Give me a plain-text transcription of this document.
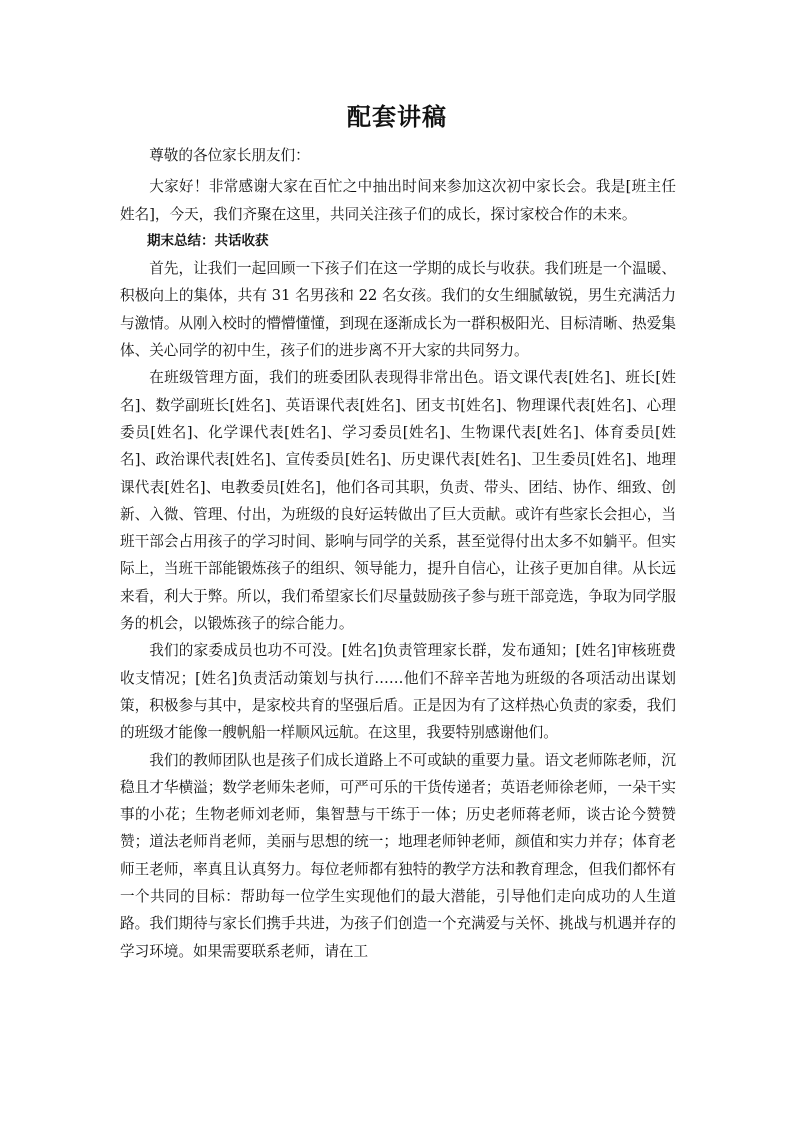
配套讲稿

尊敬的各位家长朋友们：

大家好！非常感谢大家在百忙之中抽出时间来参加这次初中家长会。我是[班主任姓名]，今天，我们齐聚在这里，共同关注孩子们的成长，探讨家校合作的未来。

期末总结：共话收获

首先，让我们一起回顾一下孩子们在这一学期的成长与收获。我们班是一个温暖、积极向上的集体，共有 31 名男孩和 22 名女孩。我们的女生细腻敏锐，男生充满活力与激情。从刚入校时的懵懵懂懂，到现在逐渐成长为一群积极阳光、目标清晰、热爱集体、关心同学的初中生，孩子们的进步离不开大家的共同努力。

在班级管理方面，我们的班委团队表现得非常出色。语文课代表[姓名]、班长[姓名]、数学副班长[姓名]、英语课代表[姓名]、团支书[姓名]、物理课代表[姓名]、心理委员[姓名]、化学课代表[姓名]、学习委员[姓名]、生物课代表[姓名]、体育委员[姓名]、政治课代表[姓名]、宣传委员[姓名]、历史课代表[姓名]、卫生委员[姓名]、地理课代表[姓名]、电教委员[姓名]，他们各司其职，负责、带头、团结、协作、细致、创新、入微、管理、付出，为班级的良好运转做出了巨大贡献。或许有些家长会担心，当班干部会占用孩子的学习时间、影响与同学的关系，甚至觉得付出太多不如躺平。但实际上，当班干部能锻炼孩子的组织、领导能力，提升自信心，让孩子更加自律。从长远来看，利大于弊。所以，我们希望家长们尽量鼓励孩子参与班干部竞选，争取为同学服务的机会，以锻炼孩子的综合能力。

我们的家委成员也功不可没。[姓名]负责管理家长群，发布通知；[姓名]审核班费收支情况；[姓名]负责活动策划与执行……他们不辞辛苦地为班级的各项活动出谋划策，积极参与其中，是家校共育的坚强后盾。正是因为有了这样热心负责的家委，我们的班级才能像一艘帆船一样顺风远航。在这里，我要特别感谢他们。

我们的教师团队也是孩子们成长道路上不可或缺的重要力量。语文老师陈老师，沉稳且才华横溢；数学老师朱老师，可严可乐的干货传递者；英语老师徐老师，一朵干实事的小花；生物老师刘老师，集智慧与干练于一体；历史老师蒋老师，谈古论今赞赞赞；道法老师肖老师，美丽与思想的统一；地理老师钟老师，颜值和实力并存；体育老师王老师，率真且认真努力。每位老师都有独特的教学方法和教育理念，但我们都怀有一个共同的目标：帮助每一位学生实现他们的最大潜能，引导他们走向成功的人生道路。我们期待与家长们携手共进，为孩子们创造一个充满爱与关怀、挑战与机遇并存的学习环境。如果需要联系老师，请在工
